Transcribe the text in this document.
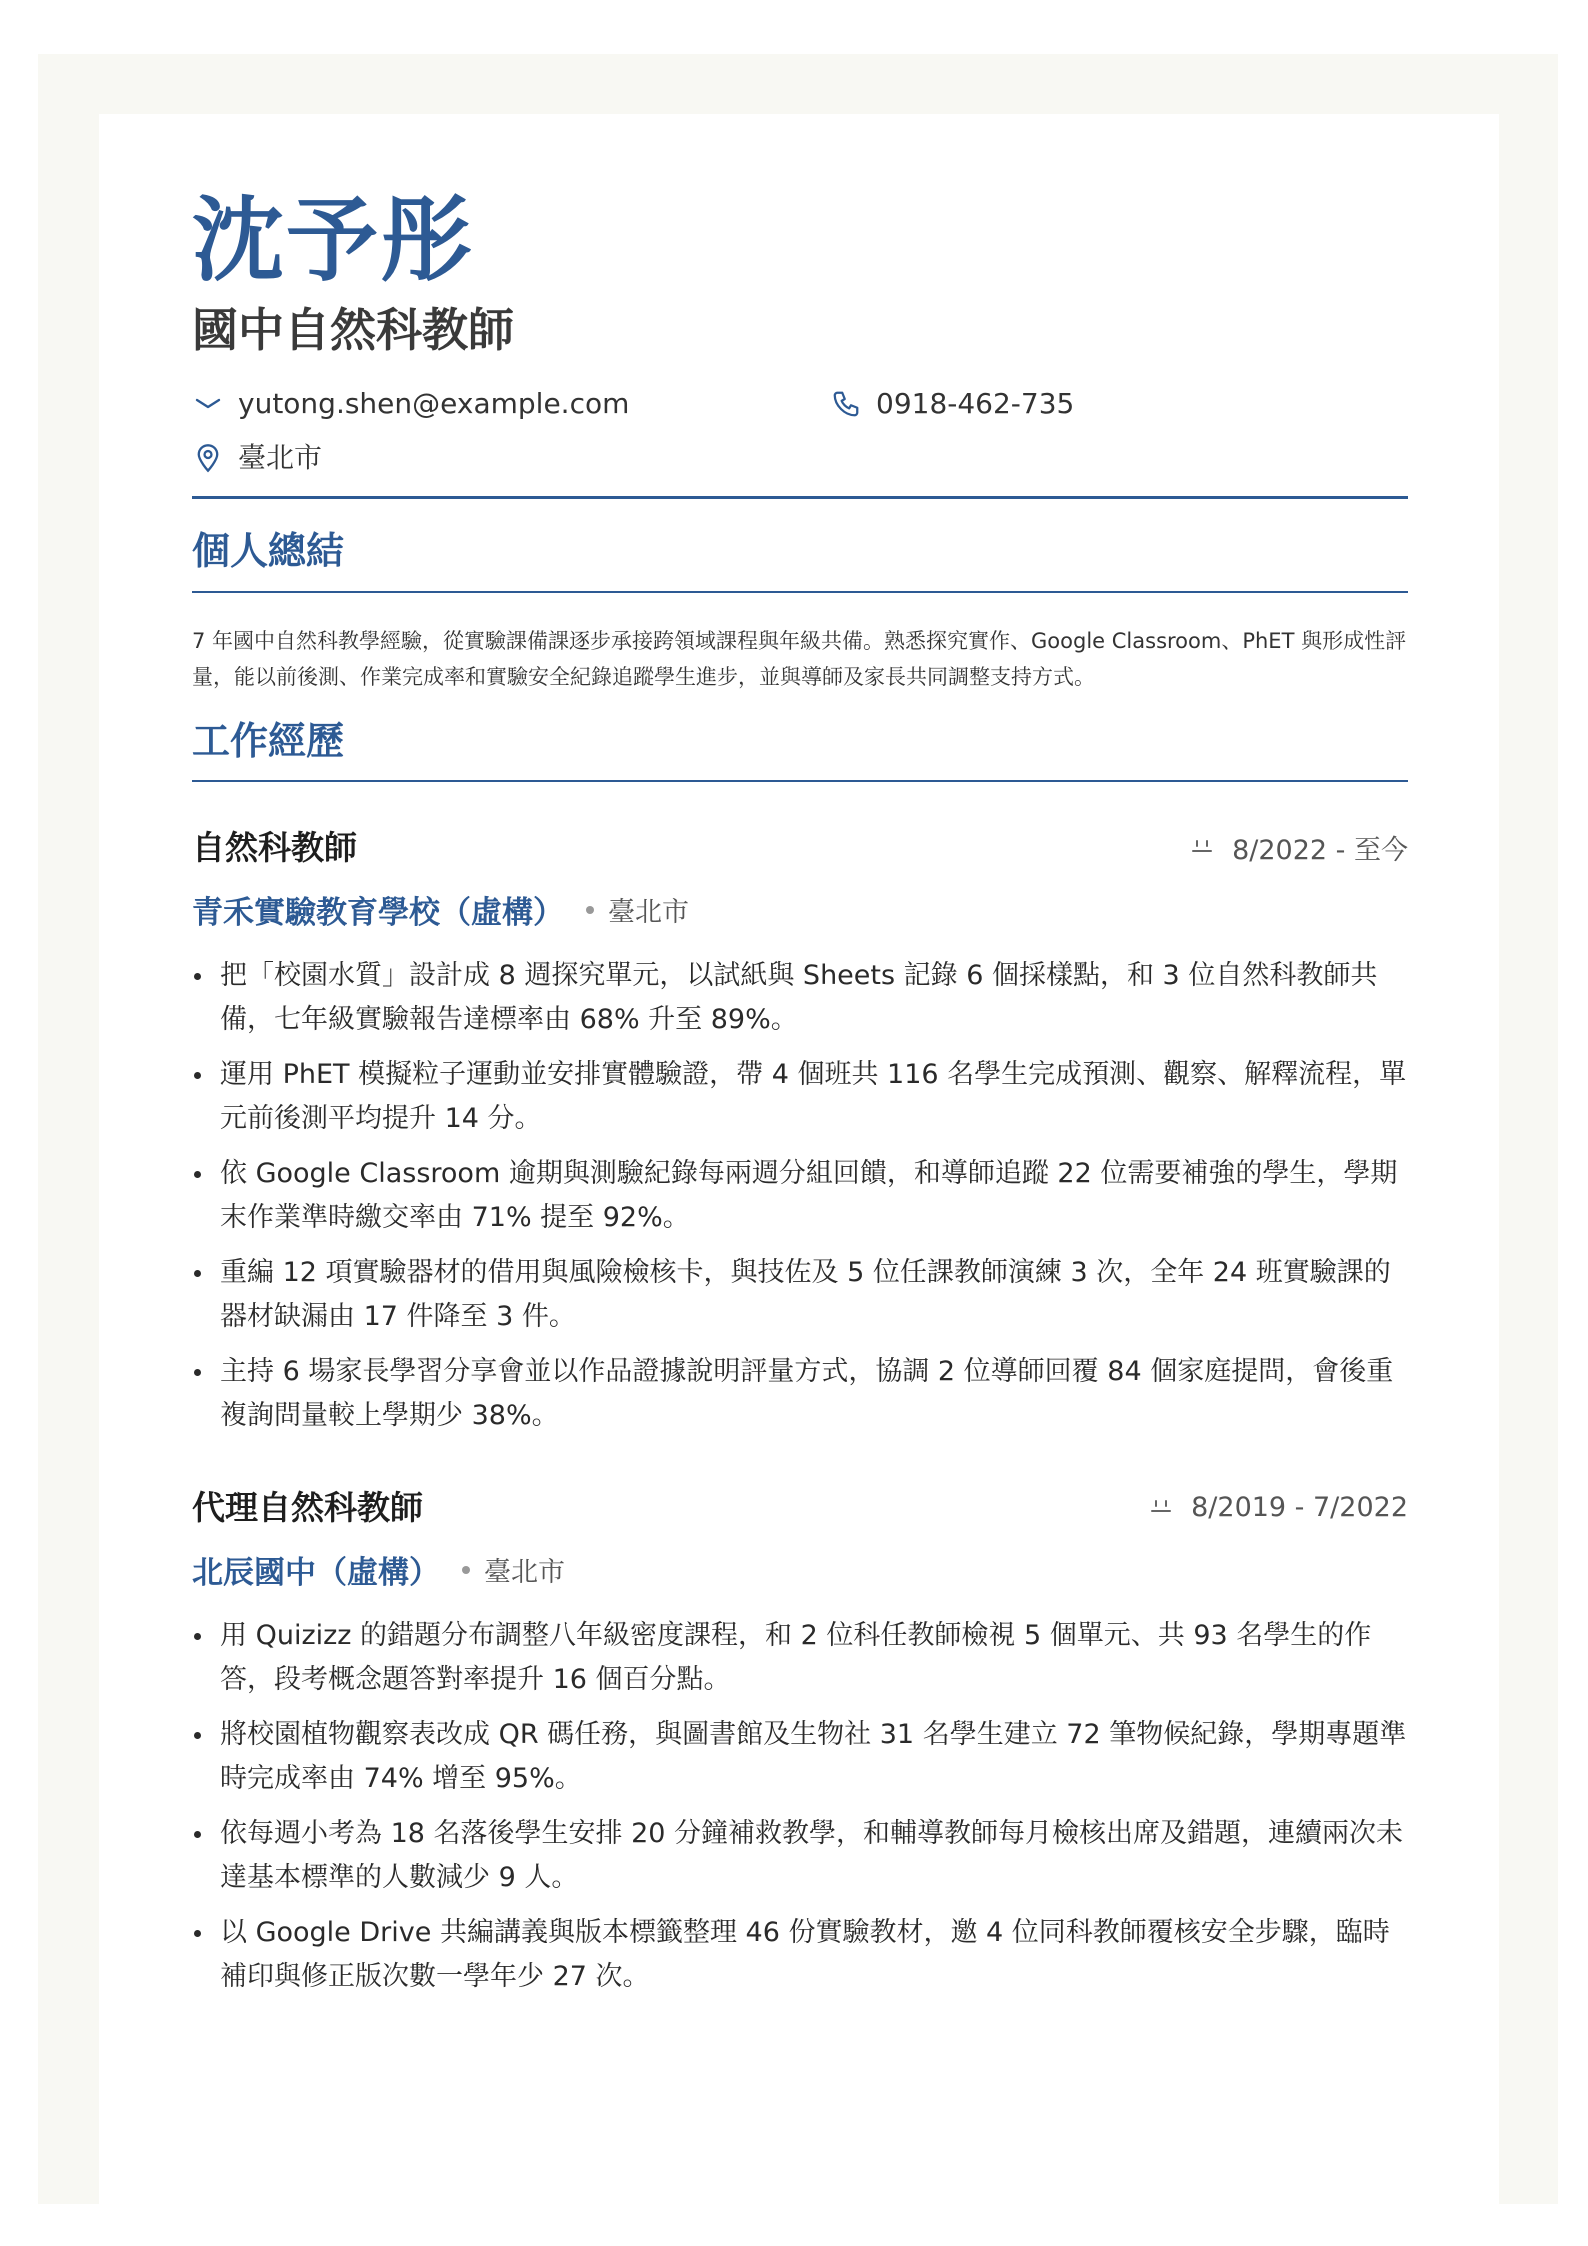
沈予彤
國中自然科教師
yutong.shen@example.com	0918-462-735
臺北市
個人總結
7 年國中自然科教學經驗，從實驗課備課逐步承接跨領域課程與年級共備。熟悉探究實作、Google Classroom、PhET 與形成性評量，能以前後測、作業完成率和實驗安全紀錄追蹤學生進步，並與導師及家長共同調整支持方式。
工作經歷
自然科教師	8/2022 - 至今
青禾實驗教育學校（虛構） 臺北市
把「校園水質」設計成 8 週探究單元，以試紙與 Sheets 記錄 6 個採樣點，和 3 位自然科教師共備，七年級實驗報告達標率由 68% 升至 89%。
運用 PhET 模擬粒子運動並安排實體驗證，帶 4 個班共 116 名學生完成預測、觀察、解釋流程，單元前後測平均提升 14 分。
依 Google Classroom 逾期與測驗紀錄每兩週分組回饋，和導師追蹤 22 位需要補強的學生，學期末作業準時繳交率由 71% 提至 92%。
重編 12 項實驗器材的借用與風險檢核卡，與技佐及 5 位任課教師演練 3 次，全年 24 班實驗課的器材缺漏由 17 件降至 3 件。
主持 6 場家長學習分享會並以作品證據說明評量方式，協調 2 位導師回覆 84 個家庭提問，會後重複詢問量較上學期少 38%。
代理自然科教師	8/2019 - 7/2022
北辰國中（虛構） 臺北市
用 Quizizz 的錯題分布調整八年級密度課程，和 2 位科任教師檢視 5 個單元、共 93 名學生的作答，段考概念題答對率提升 16 個百分點。
將校園植物觀察表改成 QR 碼任務，與圖書館及生物社 31 名學生建立 72 筆物候紀錄，學期專題準時完成率由 74% 增至 95%。
依每週小考為 18 名落後學生安排 20 分鐘補救教學，和輔導教師每月檢核出席及錯題，連續兩次未達基本標準的人數減少 9 人。
以 Google Drive 共編講義與版本標籤整理 46 份實驗教材，邀 4 位同科教師覆核安全步驟，臨時補印與修正版次數一學年少 27 次。
